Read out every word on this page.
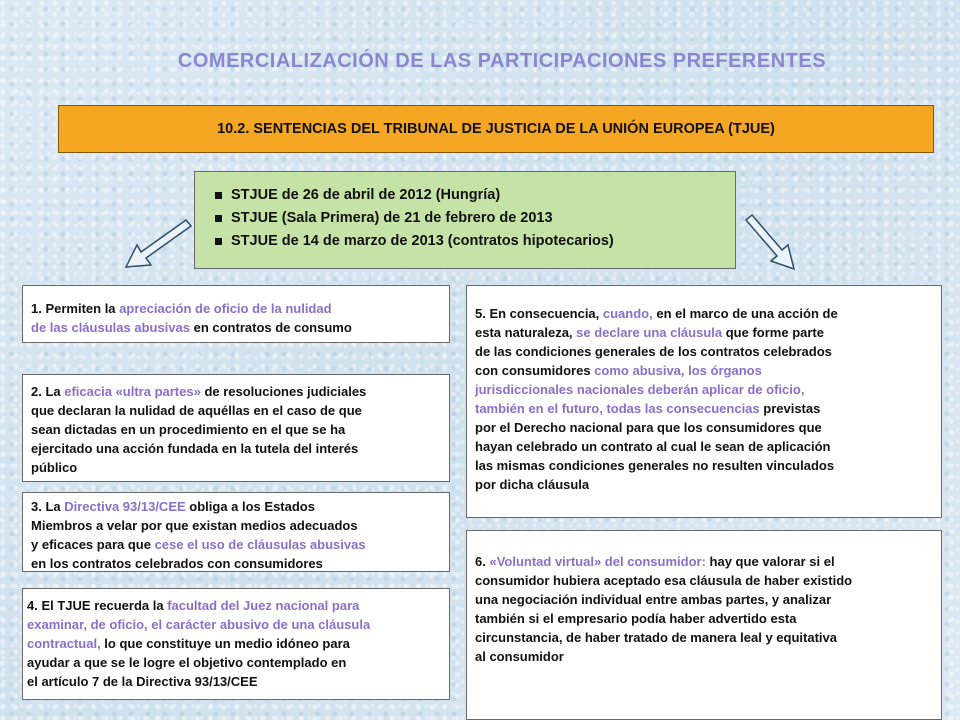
COMERCIALIZACIÓN DE LAS PARTICIPACIONES PREFERENTES
10.2. SENTENCIAS DEL TRIBUNAL DE JUSTICIA DE LA UNIÓN EUROPEA (TJUE)
STJUE de 26 de abril de 2012 (Hungría)
STJUE (Sala Primera) de 21 de febrero de 2013
STJUE de 14 de marzo de 2013 (contratos hipotecarios)
1. Permiten la apreciación de oficio de la nulidad
de las cláusulas abusivas en contratos de consumo
2. La eficacia «ultra partes» de resoluciones judiciales
que declaran la nulidad de aquéllas en el caso de que
sean dictadas en un procedimiento en el que se ha
ejercitado una acción fundada en la tutela del interés
público
3. La Directiva 93/13/CEE obliga a los Estados
Miembros a velar por que existan medios adecuados
y eficaces para que cese el uso de cláusulas abusivas
en los contratos celebrados con consumidores
4. El TJUE recuerda la facultad del Juez nacional para
examinar, de oficio, el carácter abusivo de una cláusula
contractual, lo que constituye un medio idóneo para
ayudar a que se le logre el objetivo contemplado en
el artículo 7 de la Directiva 93/13/CEE
5. En consecuencia, cuando, en el marco de una acción de
esta naturaleza, se declare una cláusula que forme parte
de las condiciones generales de los contratos celebrados
con consumidores como abusiva, los órganos
jurisdiccionales nacionales deberán aplicar de oficio,
también en el futuro, todas las consecuencias previstas
por el Derecho nacional para que los consumidores que
hayan celebrado un contrato al cual le sean de aplicación
las mismas condiciones generales no resulten vinculados
por dicha cláusula
6. «Voluntad virtual» del consumidor: hay que valorar si el
consumidor hubiera aceptado esa cláusula de haber existido
una negociación individual entre ambas partes, y analizar
también si el empresario podía haber advertido esta
circunstancia, de haber tratado de manera leal y equitativa
al consumidor
